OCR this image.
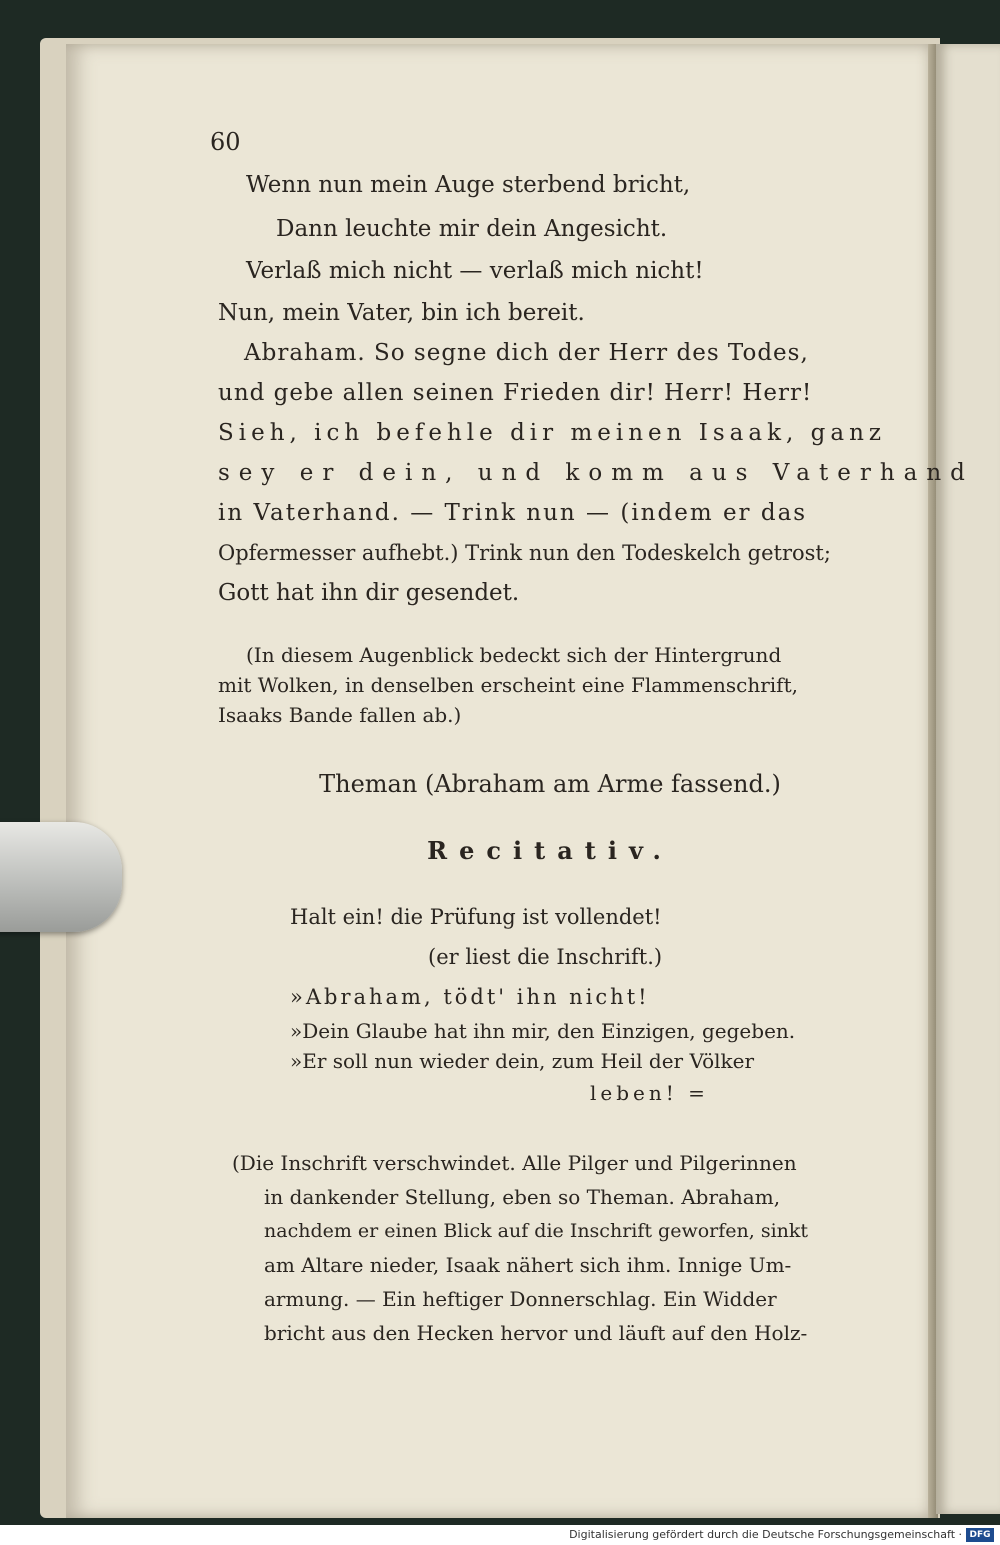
60
Wenn nun mein Auge sterbend bricht,
Dann leuchte mir dein Angesicht.
Verlaß mich nicht — verlaß mich nicht!
Nun, mein Vater, bin ich bereit.
Abraham. So segne dich der Herr des Todes,
und gebe allen seinen Frieden dir! Herr! Herr!
Sieh, ich befehle dir meinen Isaak, ganz
sey er dein, und komm aus Vaterhand
in Vaterhand. — Trink nun — (indem er das
Opfermesser aufhebt.) Trink nun den Todeskelch getrost;
Gott hat ihn dir gesendet.
(In diesem Augenblick bedeckt sich der Hintergrund
mit Wolken, in denselben erscheint eine Flammenschrift,
Isaaks Bande fallen ab.)
Theman (Abraham am Arme fassend.)
Recitativ.
Halt ein! die Prüfung ist vollendet!
(er liest die Inschrift.)
»Abraham, tödt' ihn nicht!
»Dein Glaube hat ihn mir, den Einzigen, gegeben.
»Er soll nun wieder dein, zum Heil der Völker
leben! =
(Die Inschrift verschwindet. Alle Pilger und Pilgerinnen
in dankender Stellung, eben so Theman. Abraham,
nachdem er einen Blick auf die Inschrift geworfen, sinkt
am Altare nieder, Isaak nähert sich ihm. Innige Um-
armung. — Ein heftiger Donnerschlag. Ein Widder
bricht aus den Hecken hervor und läuft auf den Holz-
Digitalisierung gefördert durch die Deutsche Forschungsgemeinschaft · DFG
